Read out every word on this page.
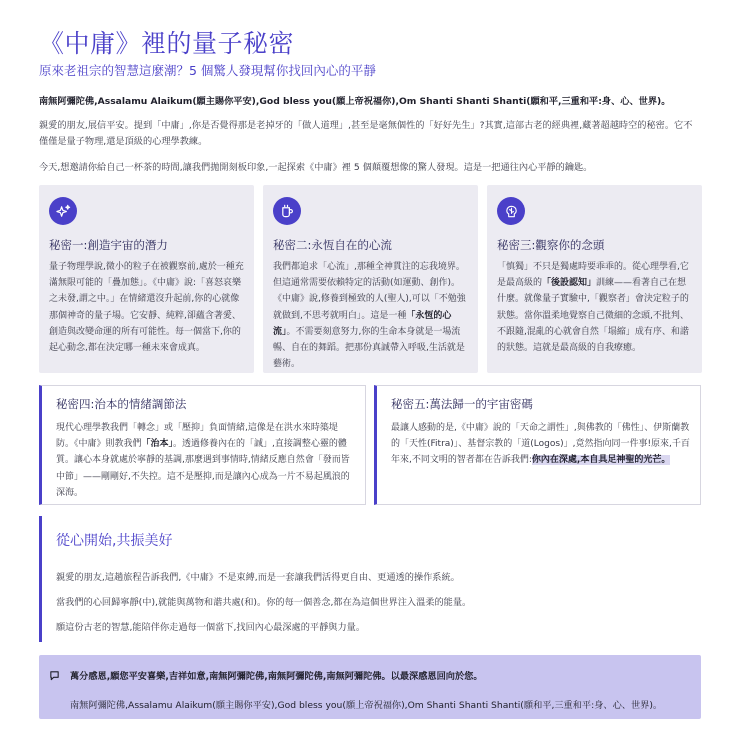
《中庸》裡的量子秘密
原來老祖宗的智慧這麼潮？5 個驚人發現幫你找回內心的平靜
南無阿彌陀佛,Assalamu Alaikum(願主賜你平安),God bless you(願上帝祝福你),Om Shanti Shanti Shanti(願和平,三重和平:身、心、世界)。

親愛的朋友,展信平安。提到「中庸」,你是否覺得那是老掉牙的「做人道理」,甚至是毫無個性的「好好先生」?其實,這部古老的經典裡,藏著超越時空的秘密。它不僅僅是量子物理,還是頂級的心理學教練。

今天,想邀請你給自己一杯茶的時間,讓我們拋開刻板印象,一起探索《中庸》裡 5 個顛覆想像的驚人發現。這是一把通往內心平靜的鑰匙。

秘密一:創造宇宙的潛力

量子物理學說,微小的粒子在被觀察前,處於一種充滿無限可能的「疊加態」。《中庸》說:「喜怒哀樂之未發,謂之中。」在情緒還沒升起前,你的心就像那個神奇的量子場。它安靜、純粹,卻蘊含著愛、創造與改變命運的所有可能性。每一個當下,你的起心動念,都在決定哪一種未來會成真。

秘密二:永恆自在的心流

我們都追求「心流」,那種全神貫注的忘我境界。但這通常需要依賴特定的活動(如運動、創作)。《中庸》說,修養到極致的人(聖人),可以「不勉強就做到,不思考就明白」。這是一種「永恆的心流」。不需要刻意努力,你的生命本身就是一場流暢、自在的舞蹈。把那份真誠帶入呼吸,生活就是藝術。

秘密三:觀察你的念頭

「慎獨」不只是獨處時要乖乖的。從心理學看,它是最高級的「後設認知」訓練——看著自己在想什麼。就像量子實驗中,「觀察者」會決定粒子的狀態。當你溫柔地覺察自己微細的念頭,不批判、不跟隨,混亂的心就會自然「塌縮」成有序、和諧的狀態。這就是最高級的自我療癒。

秘密四:治本的情緒調節法

現代心理學教我們「轉念」或「壓抑」負面情緒,這像是在洪水來時築堤防。《中庸》則教我們「治本」。透過修養內在的「誠」,直接調整心靈的體質。讓心本身就處於寧靜的基調,那麼遇到事情時,情緒反應自然會「發而皆中節」——剛剛好,不失控。這不是壓抑,而是讓內心成為一片不易起風浪的深海。

秘密五:萬法歸一的宇宙密碼

最讓人感動的是,《中庸》說的「天命之謂性」,與佛教的「佛性」、伊斯蘭教的「天性(Fitra)」、基督宗教的「道(Logos)」,竟然指向同一件事!原來,千百年來,不同文明的智者都在告訴我們:你內在深處,本自具足神聖的光芒。

從心開始,共振美好

親愛的朋友,這趟旅程告訴我們,《中庸》不是束縛,而是一套讓我們活得更自由、更通透的操作系統。

當我們的心回歸寧靜(中),就能與萬物和諧共處(和)。你的每一個善念,都在為這個世界注入溫柔的能量。

願這份古老的智慧,能陪伴你走過每一個當下,找回內心最深處的平靜與力量。

萬分感恩,願您平安喜樂,吉祥如意,南無阿彌陀佛,南無阿彌陀佛,南無阿彌陀佛。以最深感恩回向於您。
南無阿彌陀佛,Assalamu Alaikum(願主賜你平安),God bless you(願上帝祝福你),Om Shanti Shanti Shanti(願和平,三重和平:身、心、世界)。
